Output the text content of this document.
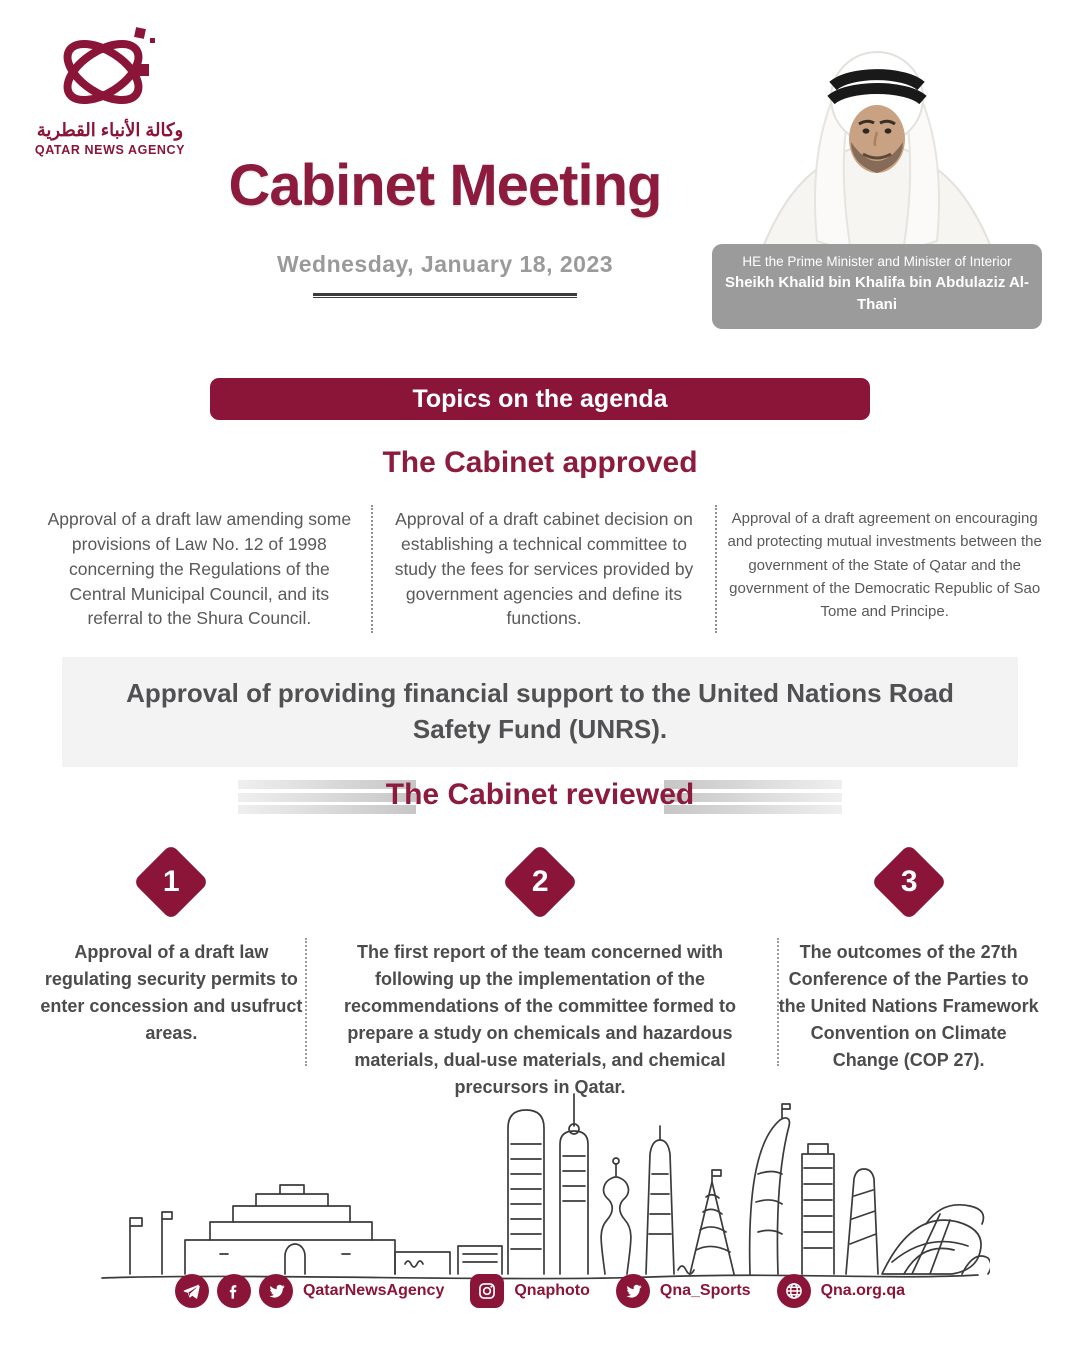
وكالة الأنباء القطرية
QATAR NEWS AGENCY
Cabinet Meeting
Wednesday, January 18, 2023	HE the Prime Minister and Minister of Interior
Sheikh Khalid bin Khalifa bin Abdulaziz Al-Thani
Topics on the agenda
The Cabinet approved
Approval of a draft law amending some provisions of Law No. 12 of 1998 concerning the Regulations of the Central Municipal Council, and its referral to the Shura Council.
Approval of a draft cabinet decision on establishing a technical committee to study the fees for services provided by government agencies and define its functions.
Approval of a draft agreement on encouraging and protecting mutual investments between the government of the State of Qatar and the government of the Democratic Republic of Sao Tome and Principe.
Approval of providing financial support to the United Nations Road Safety Fund (UNRS).
The Cabinet reviewed
1
Approval of a draft law regulating security permits to enter concession and usufruct areas.
2
The first report of the team concerned with following up the implementation of the recommendations of the committee formed to prepare a study on chemicals and hazardous materials, dual-use materials, and chemical precursors in Qatar.
3
The outcomes of the 27th Conference of the Parties to the United Nations Framework Convention on Climate Change (COP 27).
QatarNewsAgency	Qnaphoto	Qna_Sports	Qna.org.qa
